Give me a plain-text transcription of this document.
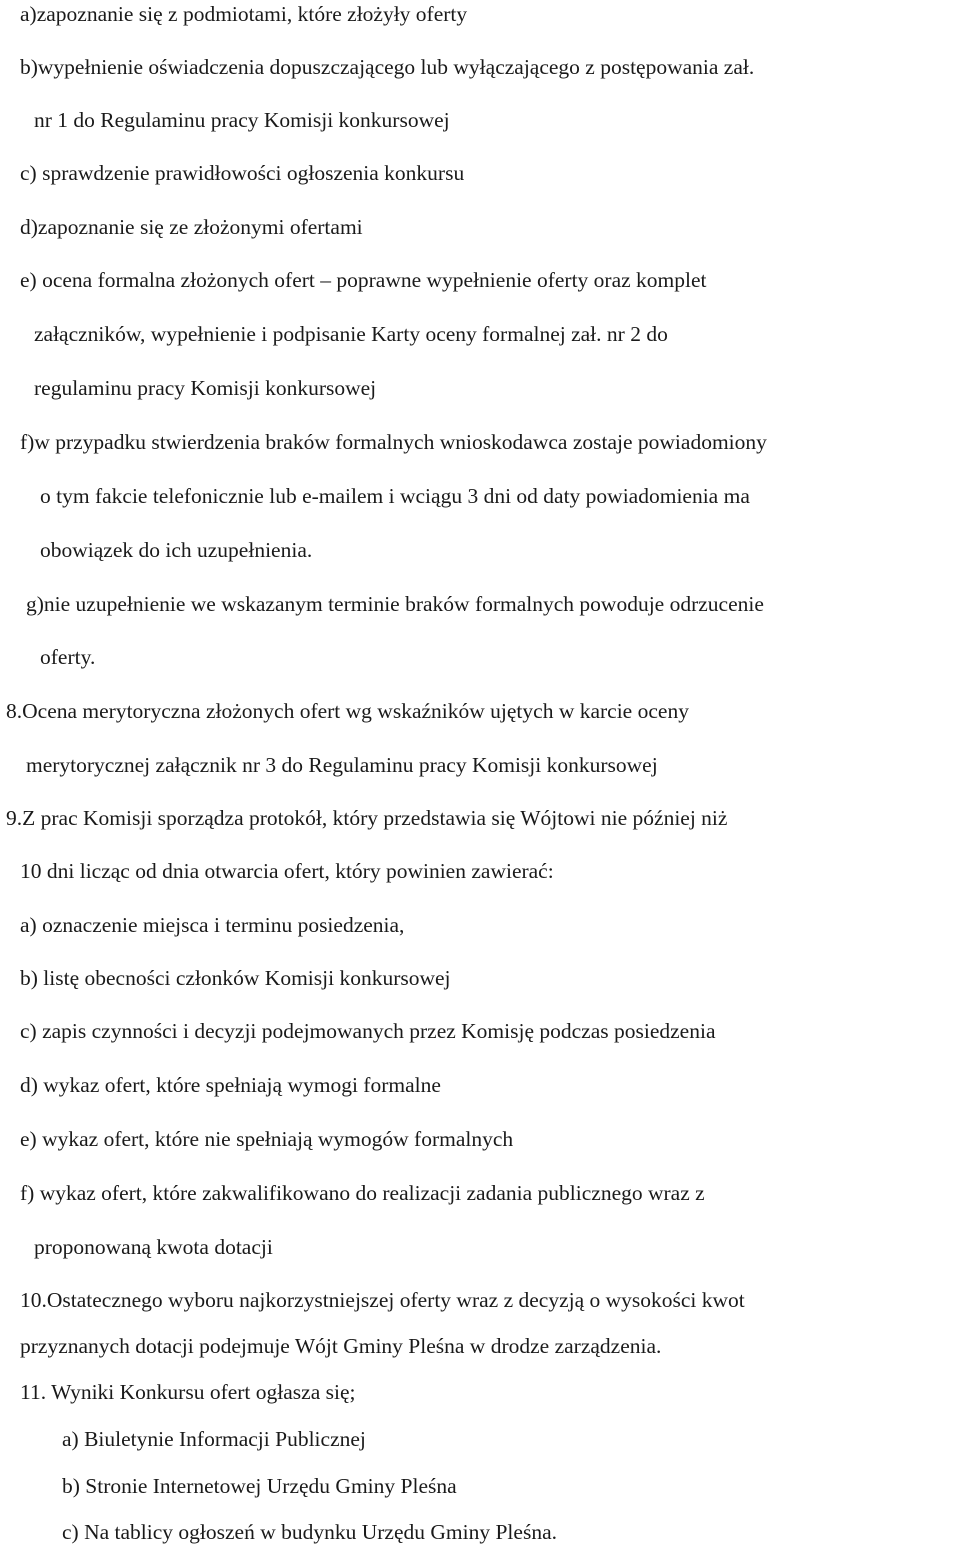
a)zapoznanie się z podmiotami, które złożyły oferty
b)wypełnienie oświadczenia dopuszczającego lub wyłączającego z postępowania zał.
nr 1 do Regulaminu pracy Komisji konkursowej
c) sprawdzenie prawidłowości ogłoszenia konkursu
d)zapoznanie się ze złożonymi ofertami
e) ocena formalna złożonych ofert – poprawne wypełnienie oferty oraz komplet
załączników, wypełnienie i podpisanie Karty oceny formalnej zał. nr 2 do
regulaminu pracy Komisji konkursowej
f)w przypadku stwierdzenia braków formalnych wnioskodawca zostaje powiadomiony
o tym fakcie telefonicznie lub e-mailem i wciągu 3 dni od daty powiadomienia ma
obowiązek do ich uzupełnienia.
g)nie uzupełnienie we wskazanym terminie braków formalnych powoduje odrzucenie
oferty.
8.Ocena merytoryczna złożonych ofert wg wskaźników ujętych w karcie oceny
merytorycznej załącznik nr 3 do Regulaminu pracy Komisji konkursowej
9.Z prac Komisji sporządza protokół, który przedstawia się Wójtowi nie później niż
10 dni licząc od dnia otwarcia ofert, który powinien zawierać:
a) oznaczenie miejsca i terminu posiedzenia,
b) listę obecności członków Komisji konkursowej
c) zapis czynności i decyzji podejmowanych przez Komisję podczas posiedzenia
d) wykaz ofert, które spełniają wymogi formalne
e) wykaz ofert, które nie spełniają wymogów formalnych
f) wykaz ofert, które zakwalifikowano do realizacji zadania publicznego wraz z
proponowaną kwota dotacji
10.Ostatecznego wyboru najkorzystniejszej oferty wraz z decyzją o wysokości kwot
przyznanych dotacji podejmuje Wójt Gminy Pleśna w drodze zarządzenia.
11. Wyniki Konkursu ofert ogłasza się;
a) Biuletynie Informacji Publicznej
b) Stronie Internetowej Urzędu Gminy Pleśna
c) Na tablicy ogłoszeń w budynku Urzędu Gminy Pleśna.
